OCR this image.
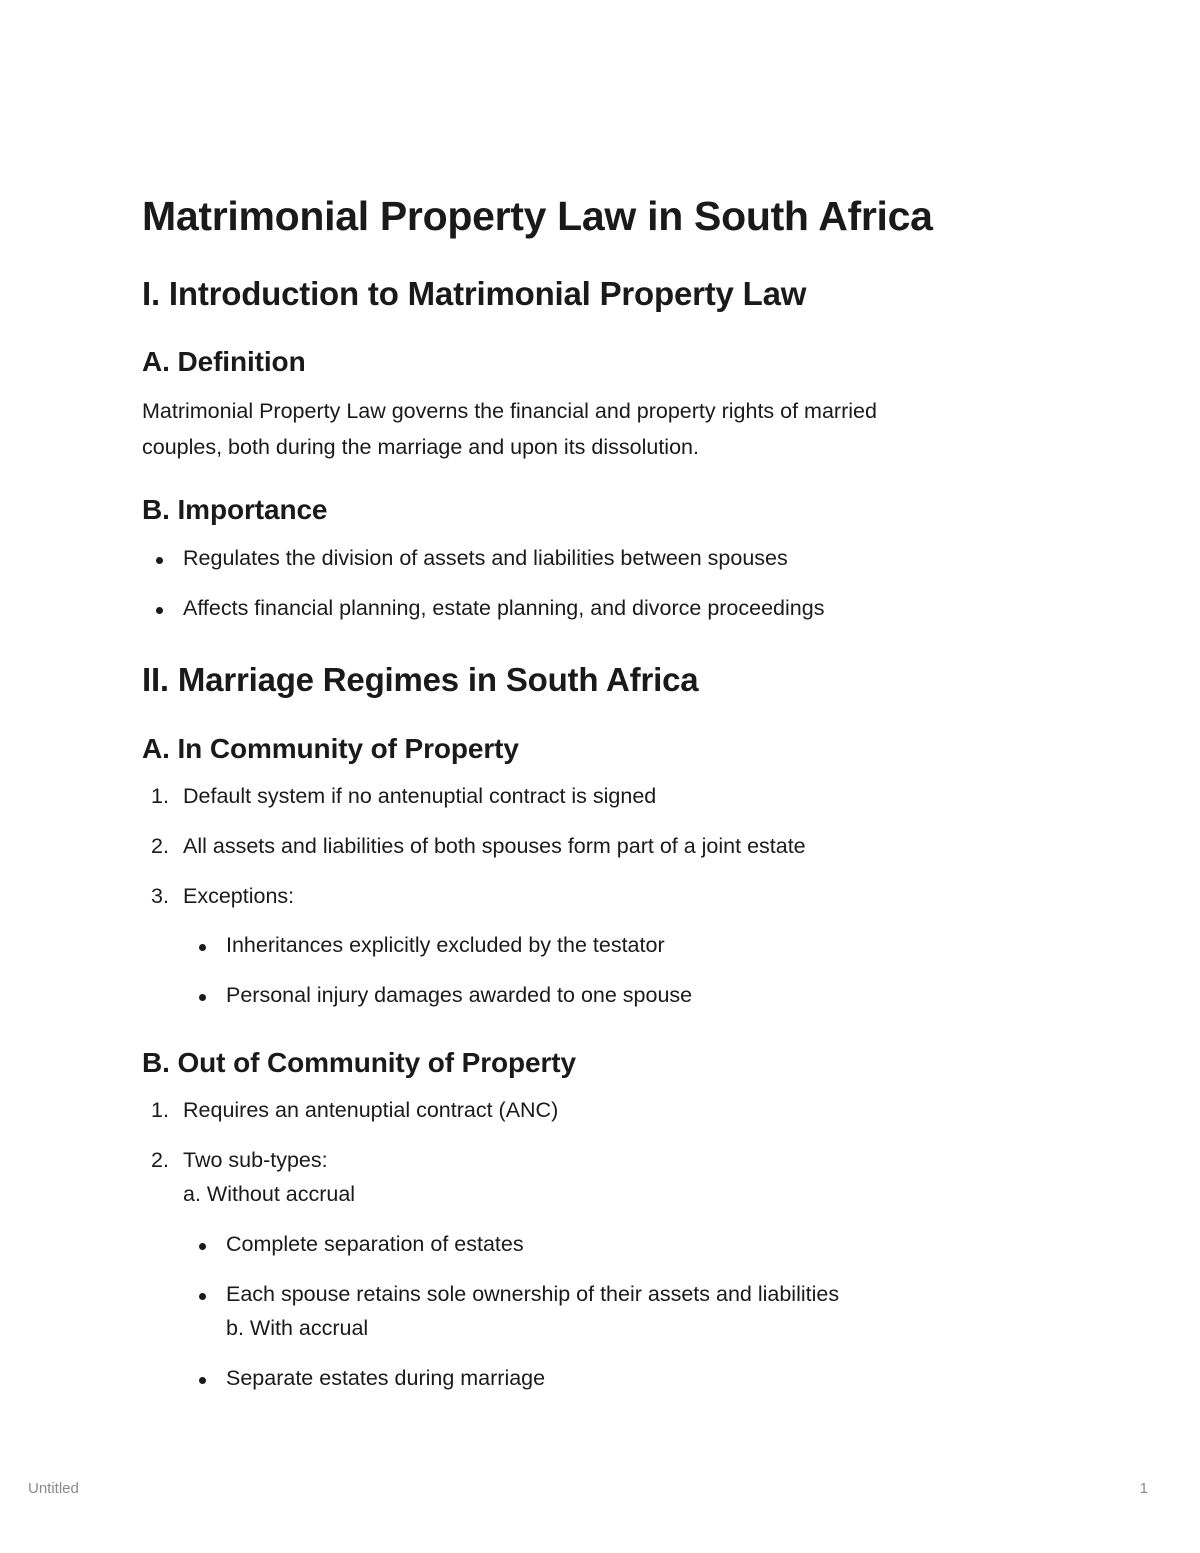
Matrimonial Property Law in South Africa
I. Introduction to Matrimonial Property Law
A. Definition

Matrimonial Property Law governs the financial and property rights of married
couples, both during the marriage and upon its dissolution.

B. Importance
Regulates the division of assets and liabilities between spouses
Affects financial planning, estate planning, and divorce proceedings
II. Marriage Regimes in South Africa
A. In Community of Property
1. Default system if no antenuptial contract is signed
2. All assets and liabilities of both spouses form part of a joint estate
3. Exceptions:
Inheritances explicitly excluded by the testator
Personal injury damages awarded to one spouse
B. Out of Community of Property
1. Requires an antenuptial contract (ANC)
2. Two sub-types:
a. Without accrual
Complete separation of estates
Each spouse retains sole ownership of their assets and liabilities
b. With accrual
Separate estates during marriage
Untitled	1
